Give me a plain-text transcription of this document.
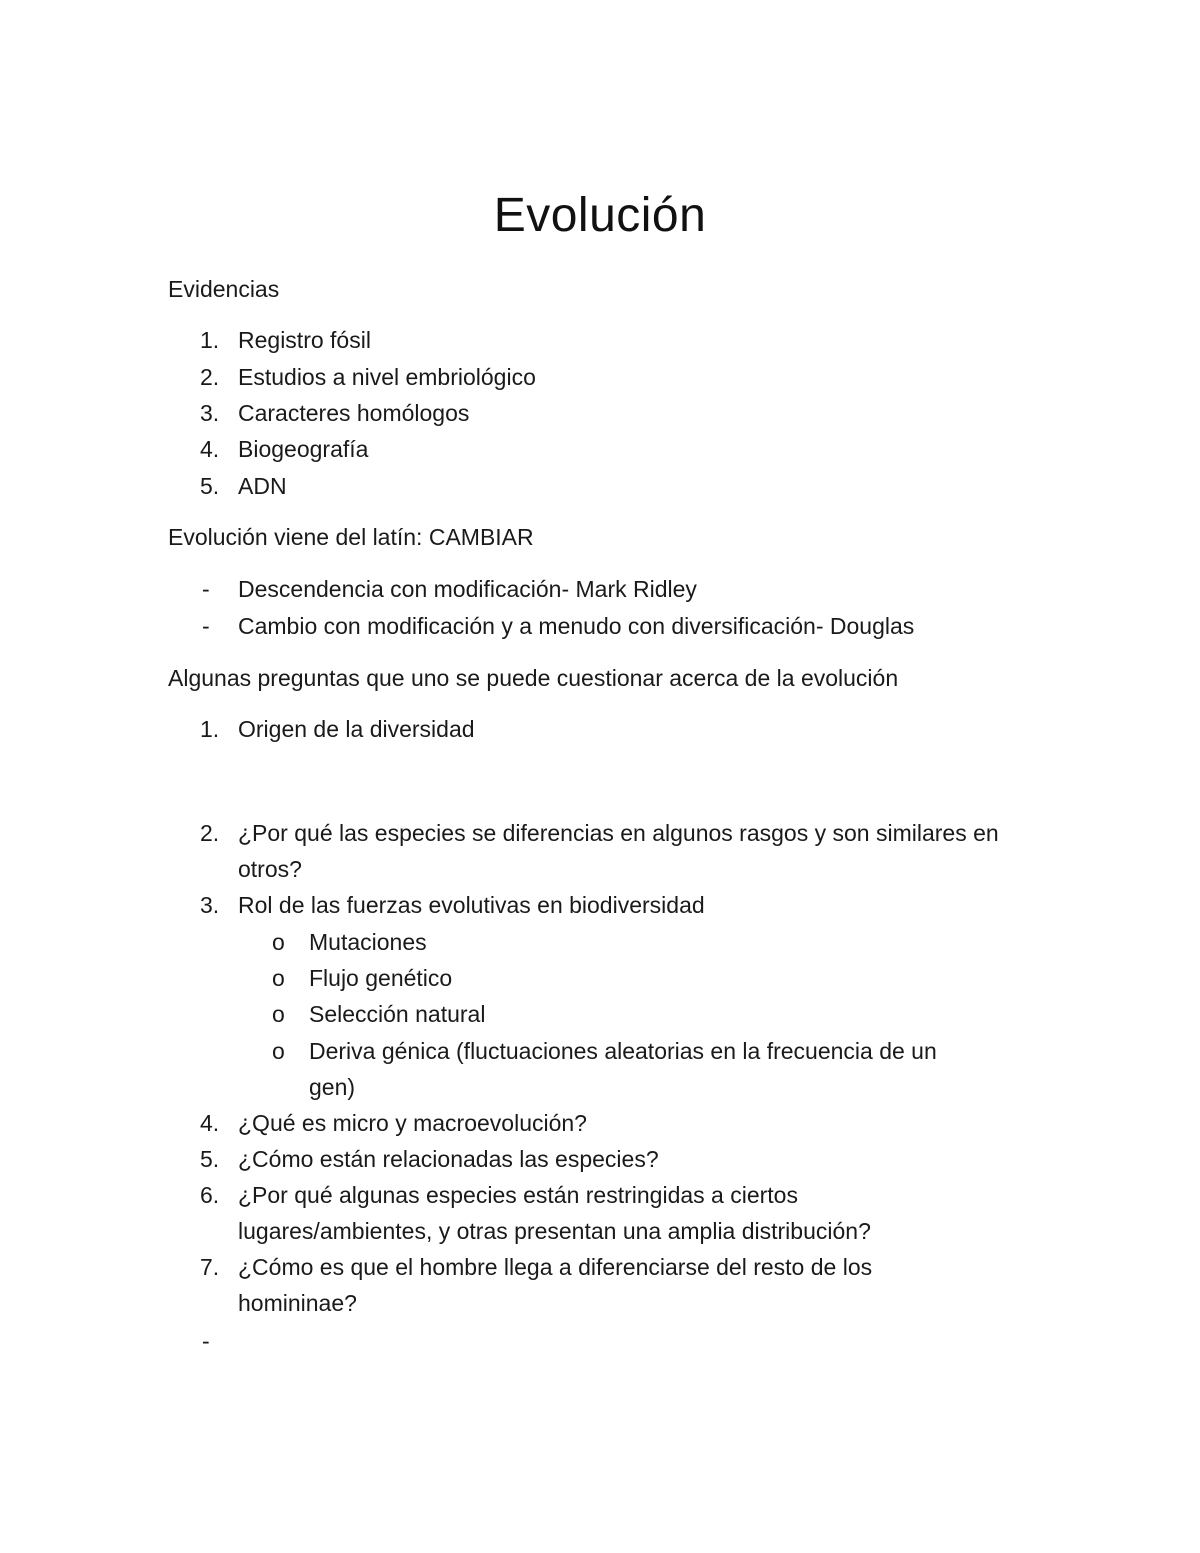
Evolución
Evidencias
1. Registro fósil
2. Estudios a nivel embriológico
3. Caracteres homólogos
4. Biogeografía
5. ADN
Evolución viene del latín: CAMBIAR
- Descendencia con modificación- Mark Ridley
- Cambio con modificación y a menudo con diversificación- Douglas
Algunas preguntas que uno se puede cuestionar acerca de la evolución
1. Origen de la diversidad
2. ¿Por qué las especies se diferencias en algunos rasgos y son similares en
otros?
3. Rol de las fuerzas evolutivas en biodiversidad
o Mutaciones
o Flujo genético
o Selección natural
o Deriva génica (fluctuaciones aleatorias en la frecuencia de un
gen)
4. ¿Qué es micro y macroevolución?
5. ¿Cómo están relacionadas las especies?
6. ¿Por qué algunas especies están restringidas a ciertos
lugares/ambientes, y otras presentan una amplia distribución?
7. ¿Cómo es que el hombre llega a diferenciarse del resto de los
homininae?
-
